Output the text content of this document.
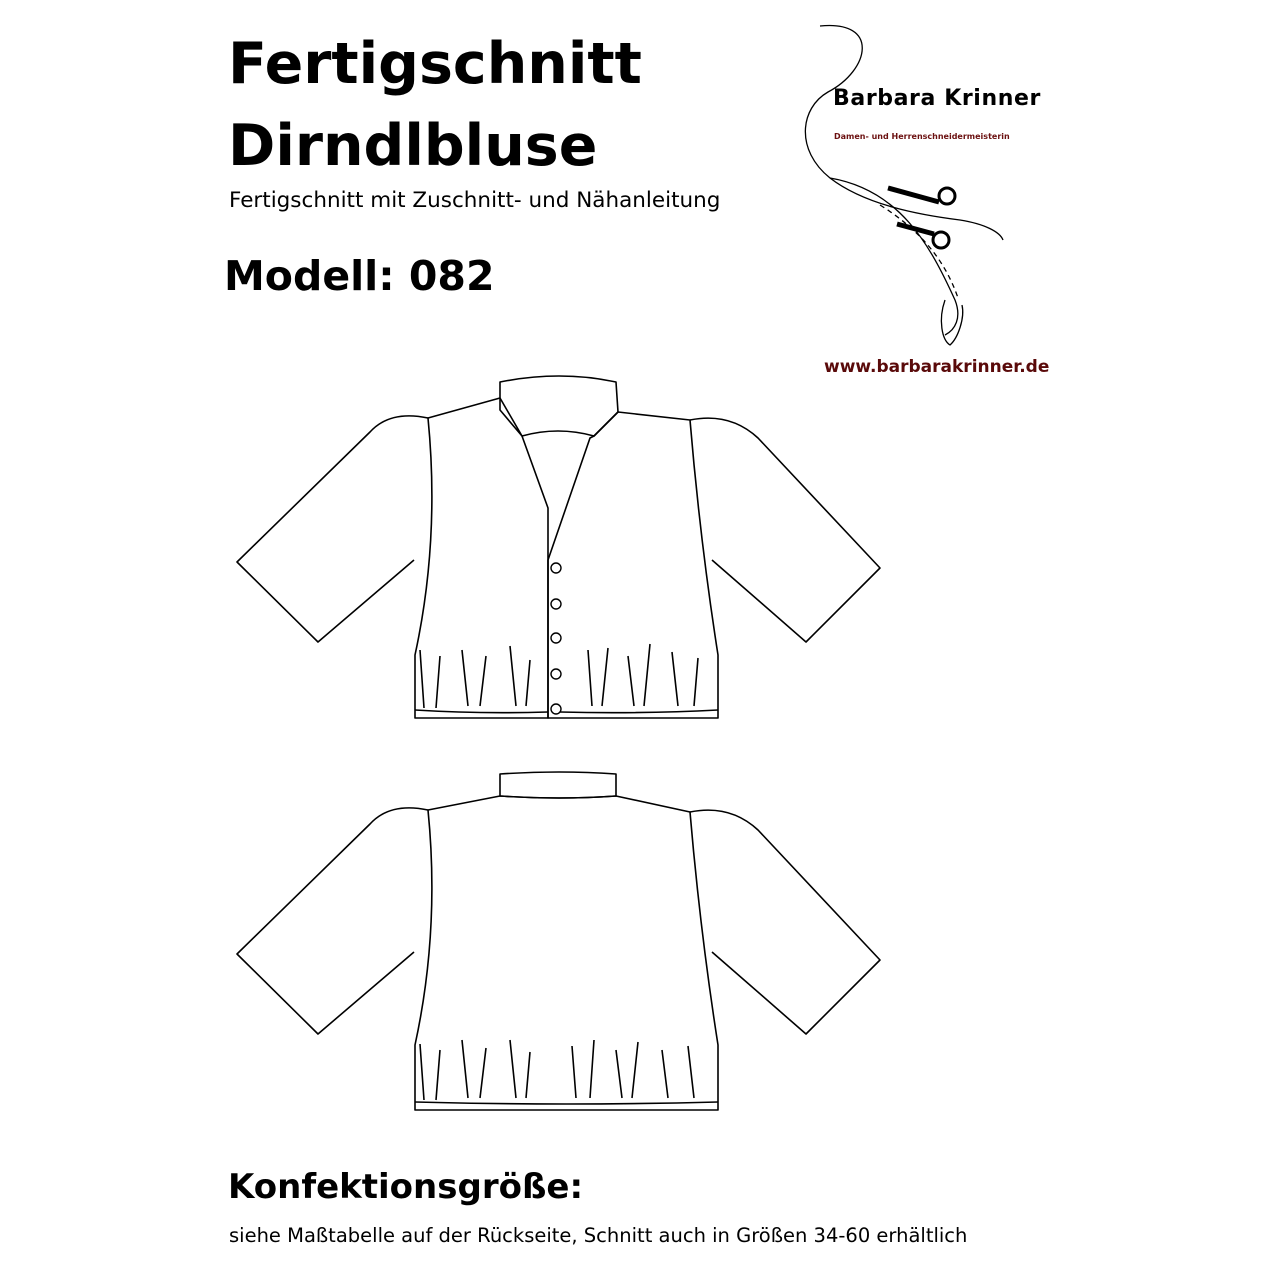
Fertigschnitt
Dirndlbluse
Fertigschnitt mit Zuschnitt- und Nähanleitung
Modell: 082
Barbara Krinner
Damen- und Herrenschneidermeisterin
www.barbarakrinner.de
Konfektionsgröße:
siehe Maßtabelle auf der Rückseite, Schnitt auch in Größen 34-60 erhältlich
